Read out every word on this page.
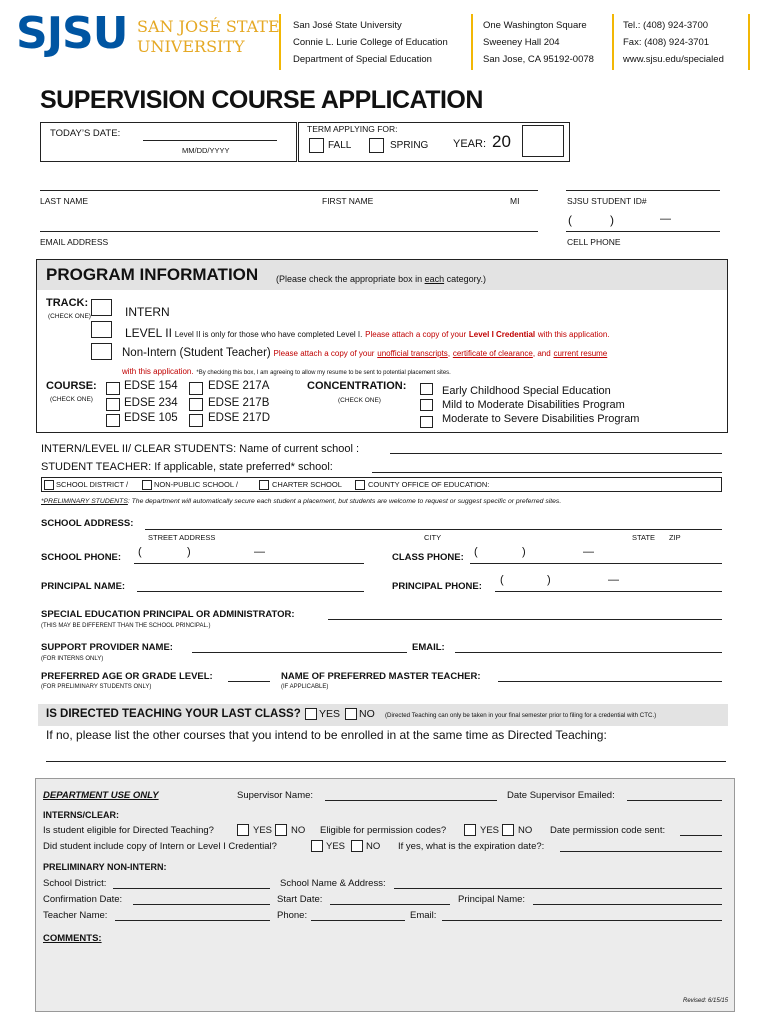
SJSU SAN JOSÉ STATE
UNIVERSITY
San José State University
Connie L. Lurie College of Education
Department of Special Education
One Washington Square
Sweeney Hall 204
San Jose, CA 95192-0078
Tel.: (408) 924-3700
Fax: (408) 924-3701
www.sjsu.edu/specialed
SUPERVISION COURSE APPLICATION
TODAY’S DATE:
MM/DD/YYYY
TERM APPLYING FOR:
FALL	SPRING YEAR: 20
LAST NAME	FIRST NAME	MI	SJSU STUDENT ID#
(	)	—
EMAIL ADDRESS	CELL PHONE
PROGRAM INFORMATION (Please check the appropriate box in each category.)
TRACK:
(CHECK ONE)	INTERN
LEVEL II Level II is only for those who have completed Level I. Please attach a copy of your Level I Credential with this application.
Non-Intern (Student Teacher) Please attach a copy of your unofficial transcripts, certificate of clearance, and current resume
with this application. *By checking this box, I am agreeing to allow my resume to be sent to potential placement sites.
COURSE:
(CHECK ONE)
EDSE 154
EDSE 234
EDSE 105
EDSE 217A
EDSE 217B
EDSE 217D
CONCENTRATION:
(CHECK ONE)
Early Childhood Special Education
Mild to Moderate Disabilities Program
Moderate to Severe Disabilities Program
INTERN/LEVEL II/ CLEAR STUDENTS: Name of current school :
STUDENT TEACHER: If applicable, state preferred* school:
SCHOOL DISTRICT /	NON-PUBLIC SCHOOL /	CHARTER SCHOOL	COUNTY OFFICE OF EDUCATION:
*PRELIMINARY STUDENTS: The department will automatically secure each student a placement, but students are welcome to request or suggest specific or preferred sites.
SCHOOL ADDRESS:
STREET ADDRESS	CITY	STATE ZIP
SCHOOL PHONE: (	)	—	CLASS PHONE: (	)	—
PRINCIPAL NAME:	PRINCIPAL PHONE:
(	)	—
SPECIAL EDUCATION PRINCIPAL OR ADMINISTRATOR:
(THIS MAY BE DIFFERENT THAN THE SCHOOL PRINCIPAL.)
SUPPORT PROVIDER NAME:	EMAIL:
(FOR INTERNS ONLY)
PREFERRED AGE OR GRADE LEVEL:	NAME OF PREFERRED MASTER TEACHER:
(FOR PRELIMINARY STUDENTS ONLY)	(IF APPLICABLE)
IS DIRECTED TEACHING YOUR LAST CLASS? YES NO (Directed Teaching can only be taken in your final semester prior to filing for a credential with CTC.)
If no, please list the other courses that you intend to be enrolled in at the same time as Directed Teaching:
DEPARTMENT USE ONLY	Supervisor Name:	Date Supervisor Emailed:
INTERNS/CLEAR:
Is student eligible for Directed Teaching?	YES NO Eligible for permission codes?	YES NO Date permission code sent:
Did student include copy of Intern or Level I Credential?	YES NO If yes, what is the expiration date?:
PRELIMINARY NON-INTERN:
School District:	School Name & Address:
Confirmation Date:	Start Date:	Principal Name:
Teacher Name:	Phone:	Email:
COMMENTS:
Revised: 6/15/15
